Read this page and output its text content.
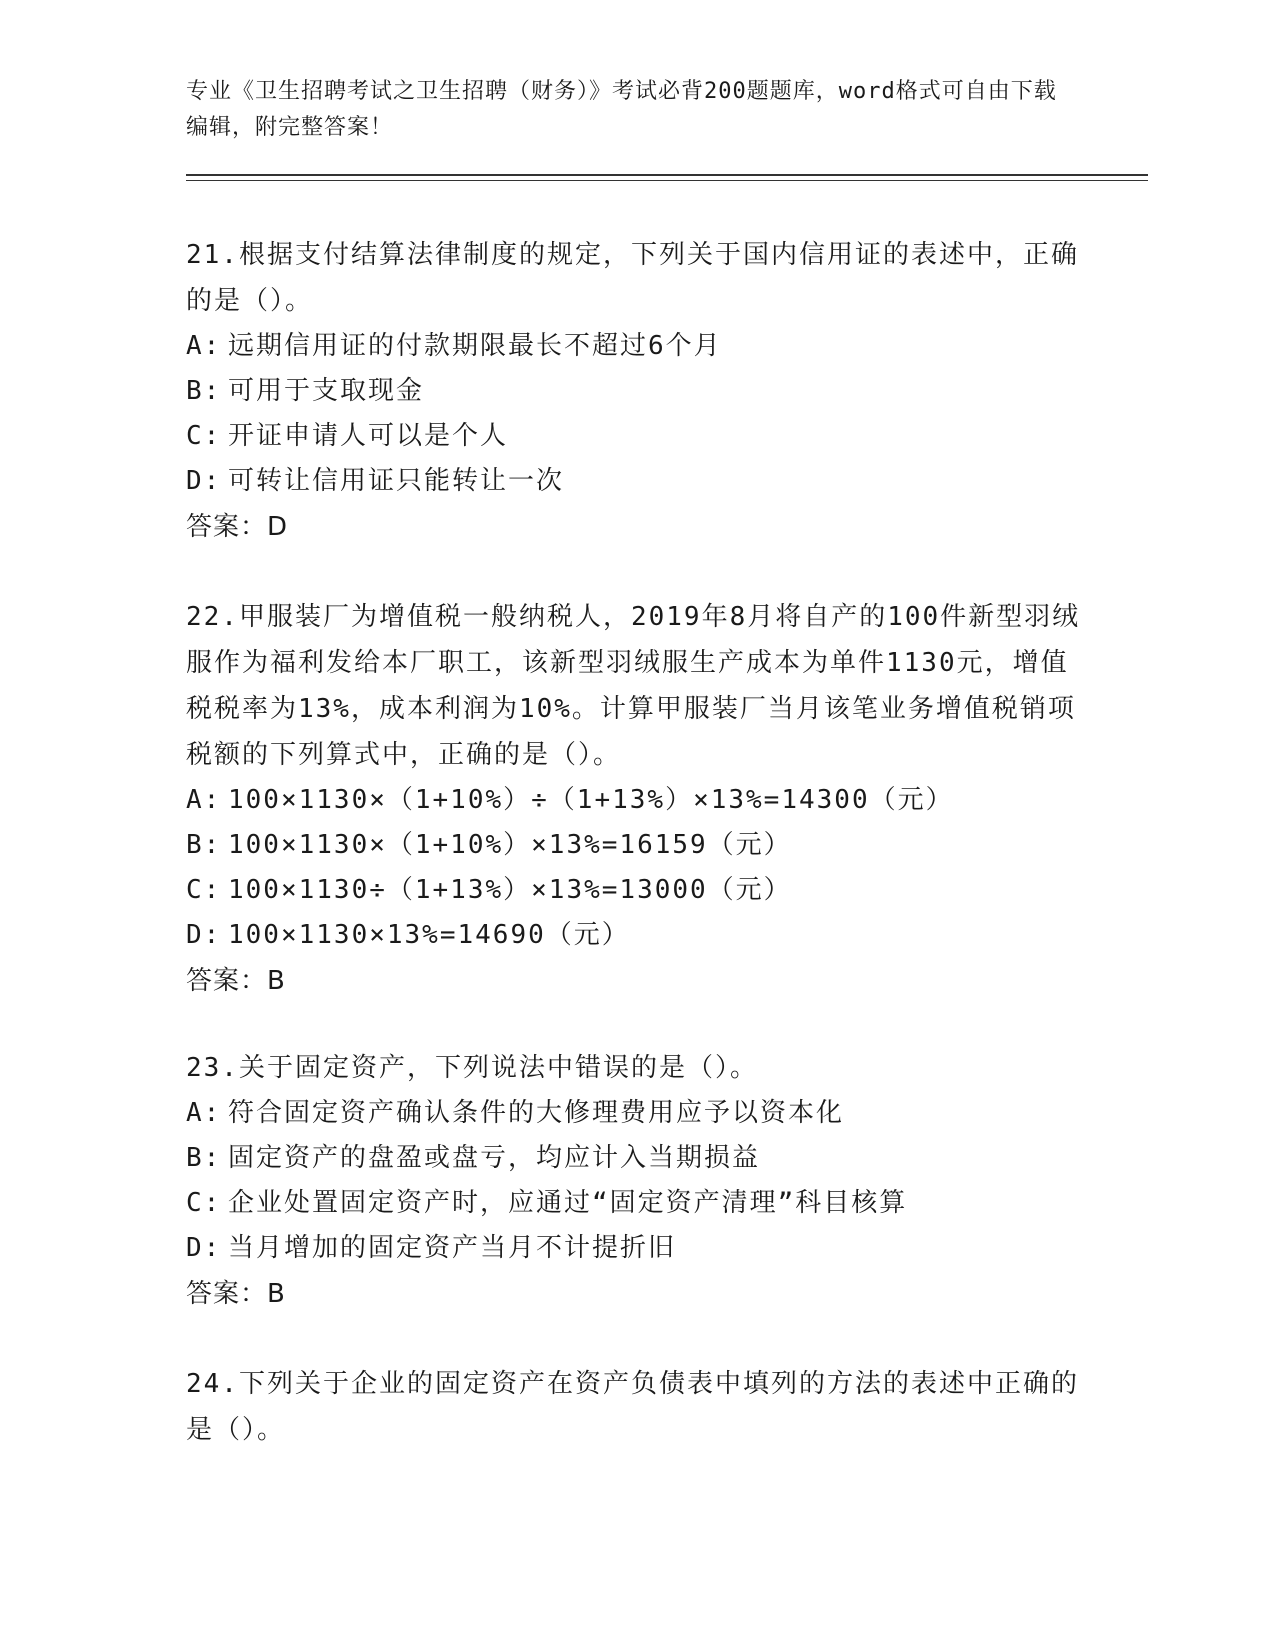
专业《卫生招聘考试之卫生招聘（财务）》考试必背200题题库，word格式可自由下载编辑，附完整答案！

21.根据支付结算法律制度的规定，下列关于国内信用证的表述中，正确的是（）。

A: 远期信用证的付款期限最长不超过6个月

B: 可用于支取现金

C: 开证申请人可以是个人

D: 可转让信用证只能转让一次

答案：D

22.甲服装厂为增值税一般纳税人，2019年8月将自产的100件新型羽绒服作为福利发给本厂职工，该新型羽绒服生产成本为单件1130元，增值税税率为13%，成本利润为10%。计算甲服装厂当月该笔业务增值税销项税额的下列算式中，正确的是（）。

A: 100×1130×（1+10%）÷（1+13%）×13%=14300（元）

B: 100×1130×（1+10%）×13%=16159（元）

C: 100×1130÷（1+13%）×13%=13000（元）

D: 100×1130×13%=14690（元）

答案：B

23.关于固定资产，下列说法中错误的是（）。

A: 符合固定资产确认条件的大修理费用应予以资本化

B: 固定资产的盘盈或盘亏，均应计入当期损益

C: 企业处置固定资产时，应通过“固定资产清理”科目核算

D: 当月增加的固定资产当月不计提折旧

答案：B

24.下列关于企业的固定资产在资产负债表中填列的方法的表述中正确的是（）。
